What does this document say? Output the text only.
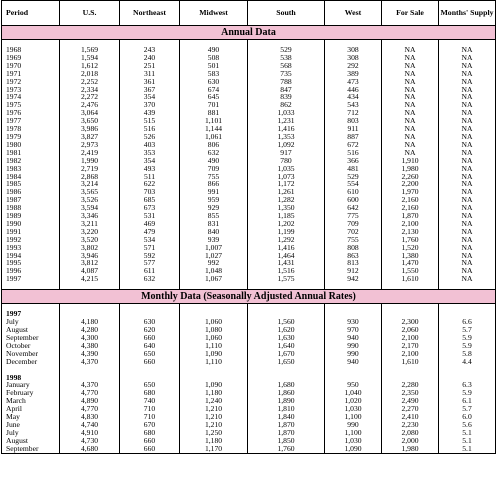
Period	U.S.	Northeast	Midwest	South	West	For Sale	Months' Supply
Annual Data							

1968	1,569	243	490	529	308	NA	NA
1969	1,594	240	508	538	308	NA	NA
1970	1,612	251	501	568	292	NA	NA
1971	2,018	311	583	735	389	NA	NA
1972	2,252	361	630	788	473	NA	NA
1973	2,334	367	674	847	446	NA	NA
1974	2,272	354	645	839	434	NA	NA
1975	2,476	370	701	862	543	NA	NA
1976	3,064	439	881	1,033	712	NA	NA
1977	3,650	515	1,101	1,231	803	NA	NA
1978	3,986	516	1,144	1,416	911	NA	NA
1979	3,827	526	1,061	1,353	887	NA	NA
1980	2,973	403	806	1,092	672	NA	NA
1981	2,419	353	632	917	516	NA	NA
1982	1,990	354	490	780	366	1,910	NA
1983	2,719	493	709	1,035	481	1,980	NA
1984	2,868	511	755	1,073	529	2,260	NA
1985	3,214	622	866	1,172	554	2,200	NA
1986	3,565	703	991	1,261	610	1,970	NA
1987	3,526	685	959	1,282	600	2,160	NA
1988	3,594	673	929	1,350	642	2,160	NA
1989	3,346	531	855	1,185	775	1,870	NA
1990	3,211	469	831	1,202	709	2,100	NA
1991	3,220	479	840	1,199	702	2,130	NA
1992	3,520	534	939	1,292	755	1,760	NA
1993	3,802	571	1,007	1,416	808	1,520	NA
1994	3,946	592	1,027	1,464	863	1,380	NA
1995	3,812	577	992	1,431	813	1,470	NA
1996	4,087	611	1,048	1,516	912	1,550	NA
1997	4,215	632	1,067	1,575	942	1,610	NA

Monthly Data (Seasonally Adjusted Annual Rates)							

1997							
July	4,180	630	1,060	1,560	930	2,300	6.6
August	4,280	620	1,080	1,620	970	2,060	5.7
September	4,300	660	1,060	1,630	940	2,100	5.9
October	4,380	640	1,110	1,640	990	2,170	5.9
November	4,390	650	1,090	1,670	990	2,100	5.8
December	4,370	660	1,110	1,650	940	1,610	4.4

1998							
January	4,370	650	1,090	1,680	950	2,280	6.3
February	4,770	680	1,180	1,860	1,040	2,350	5.9
March	4,890	740	1,240	1,890	1,020	2,490	6.1
April	4,770	710	1,210	1,810	1,030	2,270	5.7
May	4,830	710	1,210	1,840	1,100	2,410	6.0
June	4,740	670	1,210	1,870	990	2,230	5.6
July	4,910	680	1,250	1,870	1,100	2,080	5.1
August	4,730	660	1,180	1,850	1,030	2,000	5.1
September	4,680	660	1,170	1,760	1,090	1,980	5.1
